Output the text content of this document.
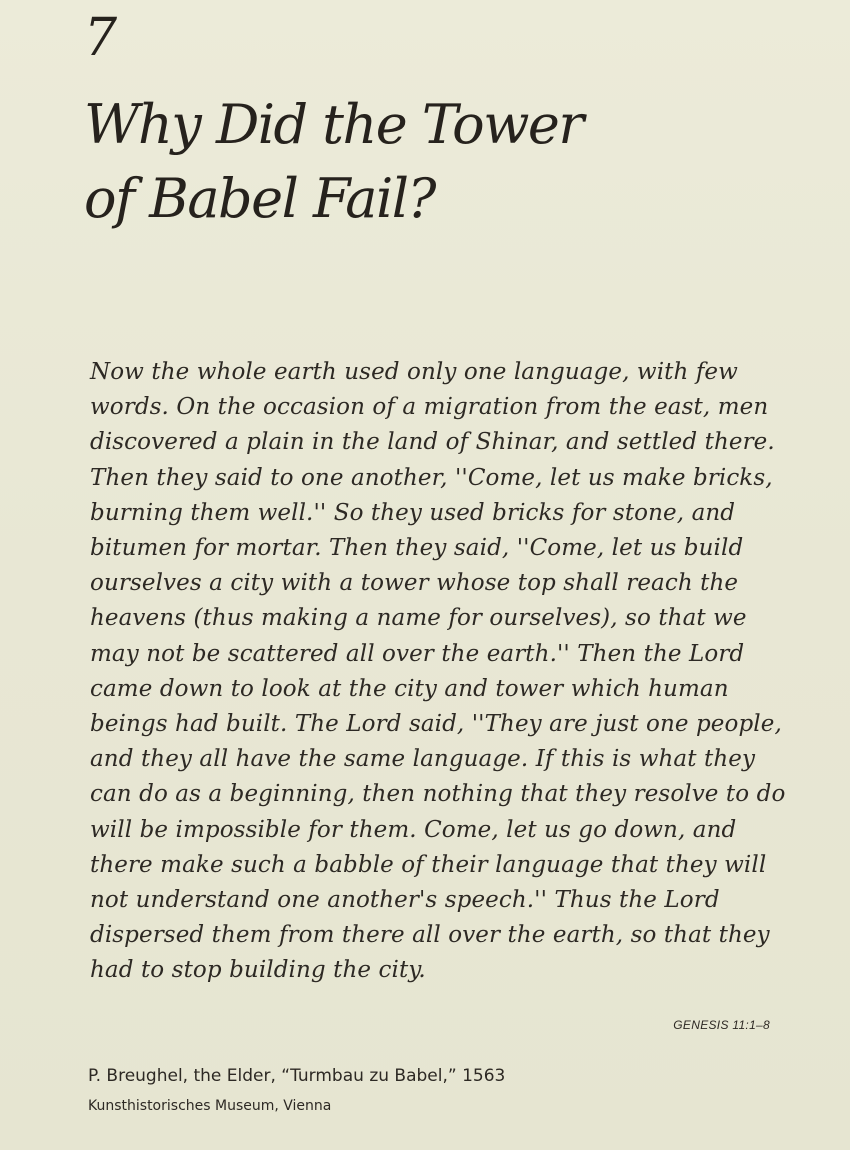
7
Why Did the Tower
of Babel Fail?
Now the whole earth used only one language, with few
words. On the occasion of a migration from the east, men
discovered a plain in the land of Shinar, and settled there.
Then they said to one another, ''Come, let us make bricks,
burning them well.'' So they used bricks for stone, and
bitumen for mortar. Then they said, ''Come, let us build
ourselves a city with a tower whose top shall reach the
heavens (thus making a name for ourselves), so that we
may not be scattered all over the earth.'' Then the Lord
came down to look at the city and tower which human
beings had built. The Lord said, ''They are just one people,
and they all have the same language. If this is what they
can do as a beginning, then nothing that they resolve to do
will be impossible for them. Come, let us go down, and
there make such a babble of their language that they will
not understand one another's speech.'' Thus the Lord
dispersed them from there all over the earth, so that they
had to stop building the city.
GENESIS 11:1–8
P. Breughel, the Elder, “Turmbau zu Babel,” 1563
Kunsthistorisches Museum, Vienna
